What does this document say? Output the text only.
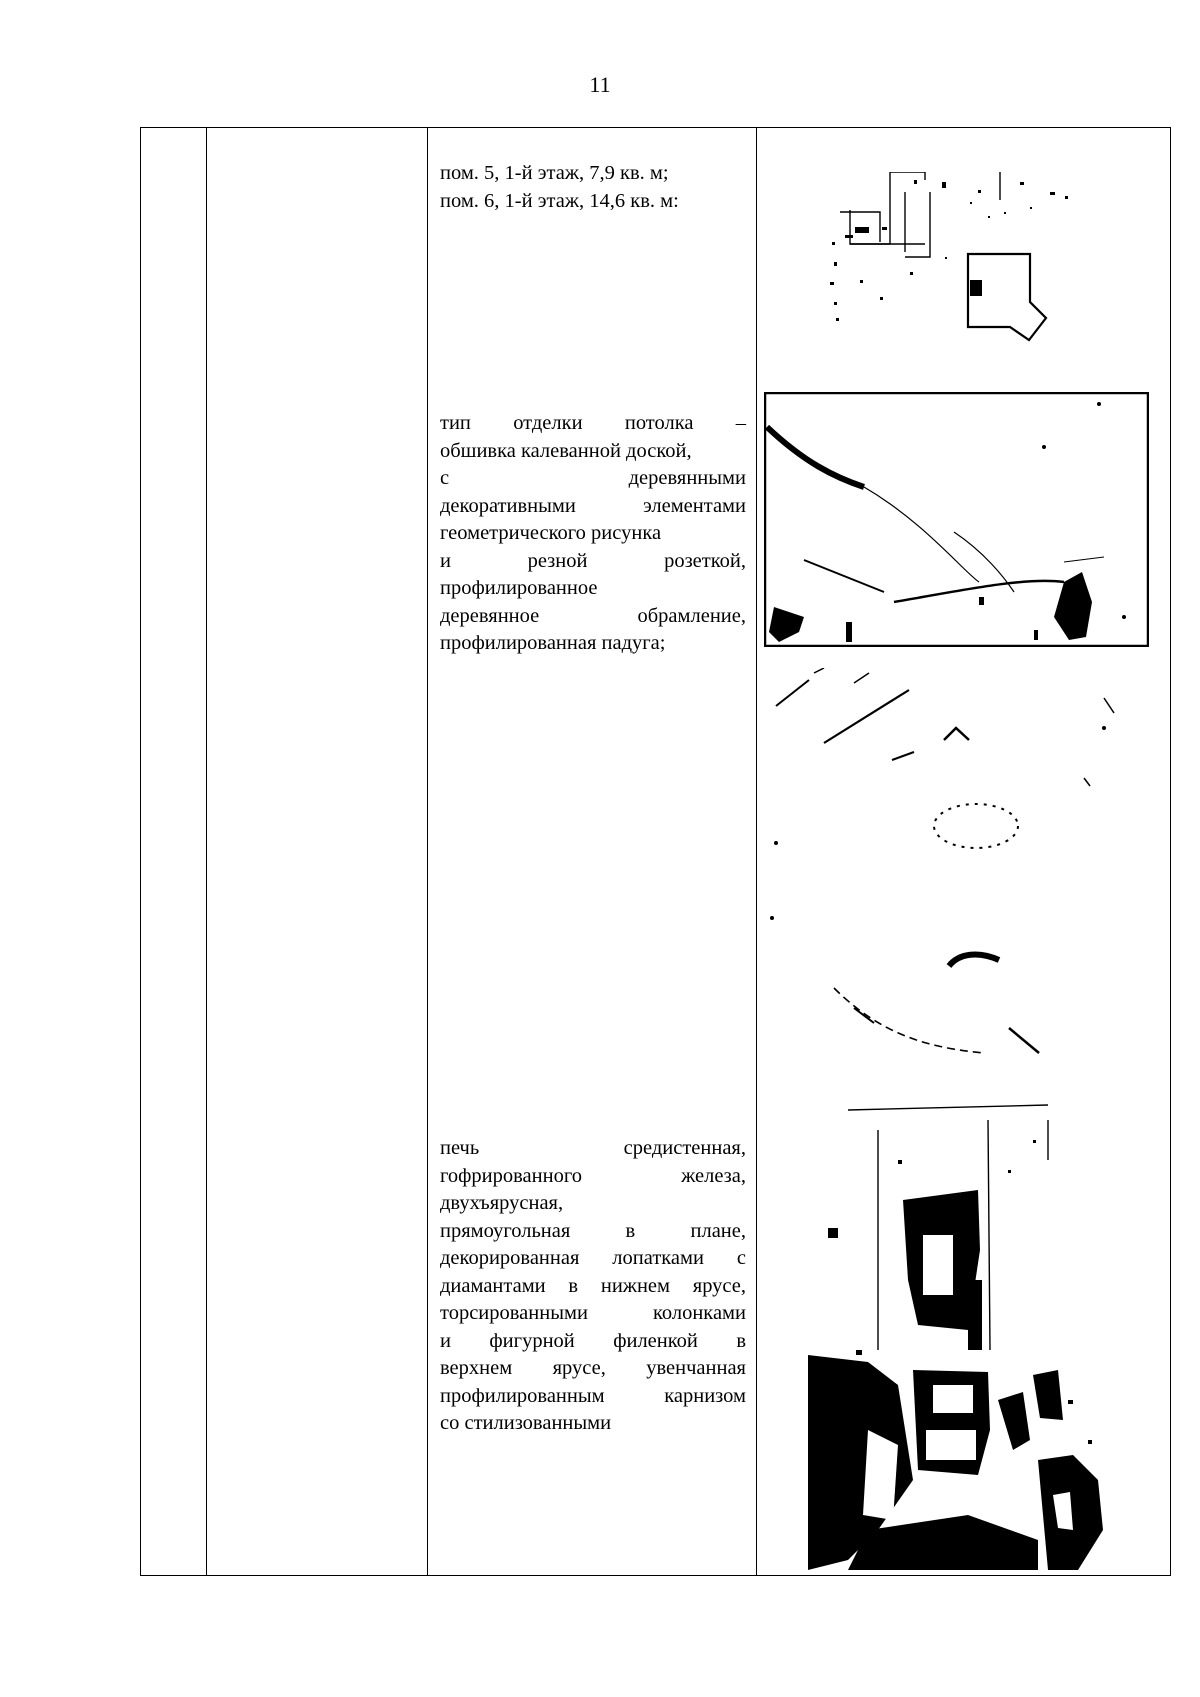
11
пом. 5, 1-й этаж, 7,9 кв. м;
пом. 6, 1-й этаж, 14,6 кв. м:
тип отделки потолка –
обшивка калеванной доской,
с деревянными
декоративными элементами
геометрического рисунка
и резной розеткой,
профилированное
деревянное обрамление,
профилированная падуга;
печь средистенная,
гофрированного железа,
двухъярусная,
прямоугольная в плане,
декорированная лопатками с
диамантами в нижнем ярусе,
торсированными колонками
и фигурной филенкой в
верхнем ярусе, увенчанная
профилированным карнизом
со стилизованными
